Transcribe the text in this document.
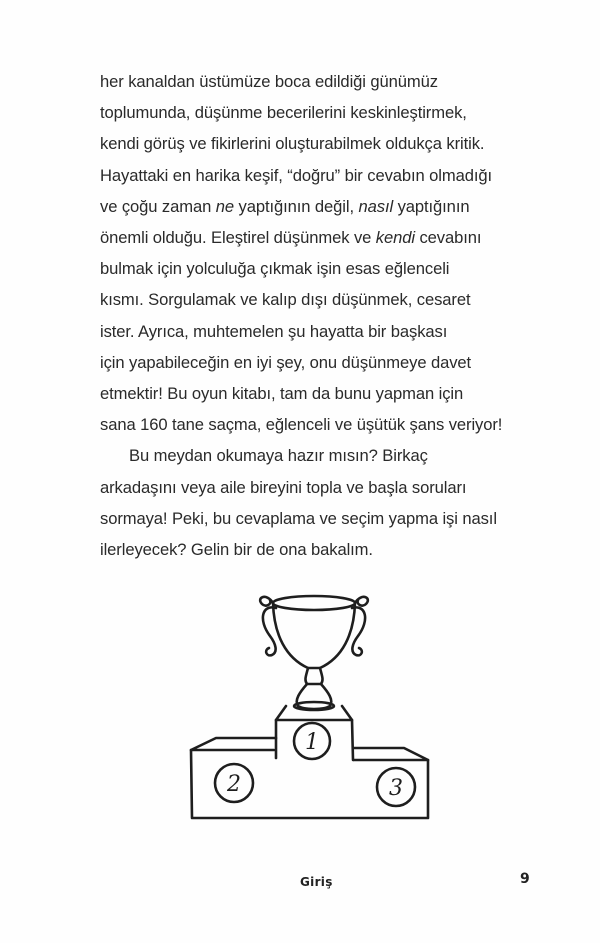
her kanaldan üstümüze boca edildiği günümüz
toplumunda, düşünme becerilerini keskinleştirmek,
kendi görüş ve fikirlerini oluşturabilmek oldukça kritik.
Hayattaki en harika keşif, “doğru” bir cevabın olmadığı
ve çoğu zaman ne yaptığının değil, nasıl yaptığının
önemli olduğu. Eleştirel düşünmek ve kendi cevabını
bulmak için yolculuğa çıkmak işin esas eğlenceli
kısmı. Sorgulamak ve kalıp dışı düşünmek, cesaret
ister. Ayrıca, muhtemelen şu hayatta bir başkası
için yapabileceğin en iyi şey, onu düşünmeye davet
etmektir! Bu oyun kitabı, tam da bunu yapman için
sana 160 tane saçma, eğlenceli ve üşütük şans veriyor!
Bu meydan okumaya hazır mısın? Birkaç
arkadaşını veya aile bireyini topla ve başla soruları
sormaya! Peki, bu cevaplama ve seçim yapma işi nasıl
ilerleyecek? Gelin bir de ona bakalım.
1
2	3
Giriş	9
